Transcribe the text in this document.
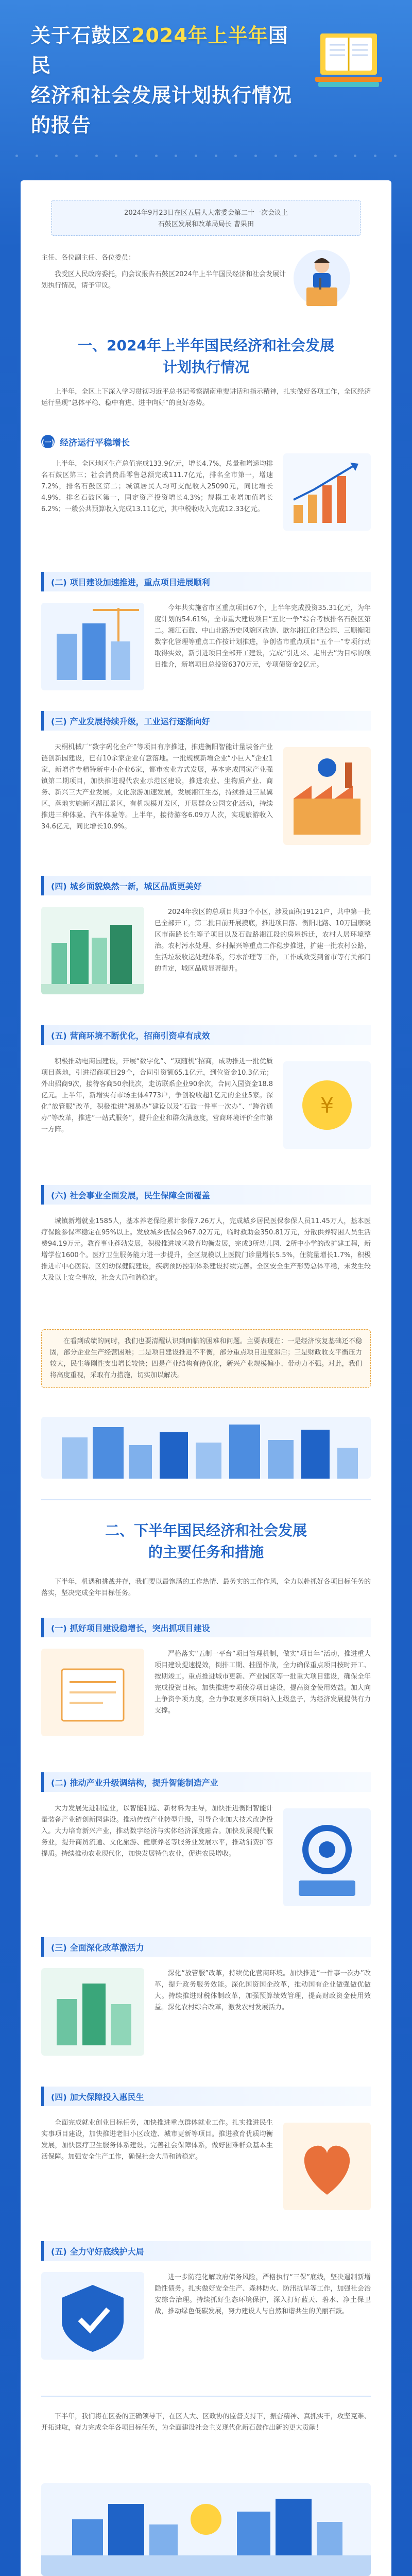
关于石鼓区2024年上半年国民
经济和社会发展计划执行情况的报告
2024年9月23日在区五届人大常委会第二十一次会议上
石鼓区发展和改革局局长 曹果田

主任、各位副主任、各位委员：

我受区人民政府委托，向会议报告石鼓区2024年上半年国民经济和社会发展计划执行情况，请予审议。

一、2024年上半年国民经济和社会发展
计划执行情况
上半年，全区上下深入学习贯彻习近平总书记考察湖南重要讲话和指示精神，扎实做好各项工作，全区经济运行呈现“总体平稳、稳中有进、进中向好”的良好态势。
(一) 经济运行平稳增长
上半年，全区地区生产总值完成133.9亿元，增长4.7%，总量和增速均排名石鼓区第三；社会消费品零售总额完成111.7亿元，排名全市第一，增速7.2%，排名石鼓区第二；城镇居民人均可支配收入25090元，同比增长4.9%，排名石鼓区第一，固定资产投资增长4.3%；规模工业增加值增长6.2%；一般公共预算收入完成13.11亿元，其中税收收入完成12.33亿元。
(二) 项目建设加速推进，重点项目进展顺利
今年共实施省市区重点项目67个，上半年完成投资35.31亿元，为年度计划的54.61%，全市重大建设项目“五比一争”综合考核排名石鼓区第二。湘江石鼓、中山北路历史风貌区改造、欧尔湘江化肥公园、三顺衡阳数字化管理等重点工作按计划推进，争创省市重点项目“五个一”专项行动取得实效，新引进项目全部开工建设，完成“引进来、走出去”为目标的项目推介，新增项目总投资6370万元，专项债资金2亿元。
(三) 产业发展持续升级，工业运行逐渐向好
天桐机械厂“数字码化全产”等项目有序推进，推进衡阳智能计量装备产业链创新园建设，已有10余家企业有意落地。一批规模新增企业“小巨人”企业1家，新增省专精特新中小企业6家，都市农业方式发展，基本完成国家产业强镇第二期项目，加快推进现代农业示范区建设，推进农业、生物质产业、商务、新兴三大产业发展。文化旅游加速发展，发展湘江生态，持续推进三星翼区，落地实施新区湖江景区，有机规模开发区，开展群众公园文化活动，持续推进三种体验、汽车体验等。上半年，接待游客6.09万人次，实现旅游收入34.6亿元，同比增长10.9%。
(四) 城乡面貌焕然一新，城区品质更美好
2024年我区的总项目共33个小区，涉及面积19121户，共中第一批已全部开工，第二批目前开展摸底，推进项目落、衡阳北路、10万国康晓区市南路长生等子项目以及石鼓路湘江段的房屋拆迁，农村人居环境整治。农村污水处理、乡村振兴等重点工作稳步推进，扩建一批农村公路，生活垃圾收运处理体系，污水治理等工作，工作成效受到省市等有关部门的肯定，城区品质显著提升。
(五) 营商环境不断优化，招商引资卓有成效
积极推动电商园建设，开展“数字化”、“双随机”招商，成功推进一批优质项目落地，引进招商项目29个，合同引资额65.1亿元，到位资金10.3亿元；外出招商9次，接待客商50余批次，走访联系企业90余次，合同入园资金18.8亿元。上半年，新增实有市场主体4773户，争创税收超1亿元的企业5家。深化“放管服”改革，积极推进“湘易办”建设以及“石鼓一件事一次办”、“跨省通办”等改革，推进“一站式服务”，提升企业和群众满意度，营商环境评价全市第一方阵。
¥
(六) 社会事业全面发展，民生保障全面覆盖
城镇新增就业1585人，基本养老保险累计参保7.26万人，完成城乡居民医保参保人员11.45万人，基本医疗保险参保率稳定在95%以上。发放城乡低保金967.02万元，临时救助金350.81万元，分散供养特困人员生活费94.19万元。教育事业蓬勃发展，积极推进城区教育均衡发展，完成3所幼儿园、2所中小学的改扩建工程，新增学位1600个。医疗卫生服务能力进一步提升，全区规模以上医院门诊量增长5.5%，住院量增长1.7%，积极推进市中心医院、区妇幼保健院建设，疾病预防控制体系建设持续完善。全区安全生产形势总体平稳，未发生较大及以上安全事故，社会大局和谐稳定。
在看到成绩的同时，我们也要清醒认识到面临的困难和问题。主要表现在：一是经济恢复基础还不稳固，部分企业生产经营困难；二是项目建设推进不平衡，部分重点项目进度滞后；三是财政收支平衡压力较大，民生等刚性支出增长较快；四是产业结构有待优化，新兴产业规模偏小、带动力不强。对此，我们将高度重视，采取有力措施，切实加以解决。
二、下半年国民经济和社会发展
的主要任务和措施
下半年，机遇和挑战并存，我们要以最饱满的工作热情、最务实的工作作风，全力以赴抓好各项目标任务的落实，坚决完成全年目标任务。
(一) 抓好项目建设稳增长，突出抓项目建设
严格落实“五制一平台”项目管理机制，做实“项目年”活动，推进重大项目建设提速提效，倒排工期、挂图作战，全力确保重点项目按时开工、按期竣工。重点推进城市更新、产业园区等一批重大项目建设，确保全年完成投资目标。加快推进专项债券项目建设，提高资金使用效益。加大向上争资争项力度，全力争取更多项目纳入上级盘子，为经济发展提供有力支撑。
(二) 推动产业升级调结构，提升智能制造产业
大力发展先进制造业，以智能制造、新材料为主导，加快推进衡阳智能计量装备产业链创新园建设。推动传统产业转型升级，引导企业加大技术改造投入。大力培育新兴产业，推动数字经济与实体经济深度融合。加快发展现代服务业，提升商贸流通、文化旅游、健康养老等服务业发展水平，推动消费扩容提质。持续推动农业现代化，加快发展特色农业，促进农民增收。
(三) 全面深化改革激活力
深化“放管服”改革，持续优化营商环境。加快推进“一件事一次办”改革，提升政务服务效能。深化国资国企改革，推动国有企业做强做优做大。持续推进财税体制改革，加强预算绩效管理，提高财政资金使用效益。深化农村综合改革，激发农村发展活力。
(四) 加大保障投入惠民生
全面完成就业创业目标任务，加快推进重点群体就业工作。扎实推进民生实事项目建设，加快推进老旧小区改造、城市更新等项目。推进教育优质均衡发展，加快医疗卫生服务体系建设。完善社会保障体系，做好困难群众基本生活保障。加强安全生产工作，确保社会大局和谐稳定。
(五) 全力守好底线护大局
进一步防范化解政府债务风险，严格执行“三保”底线，坚决遏制新增隐性债务。扎实做好安全生产、森林防火、防汛抗旱等工作，加强社会治安综合治理。持续抓好生态环境保护，深入打好蓝天、碧水、净土保卫战，推动绿色低碳发展，努力建设人与自然和谐共生的美丽石鼓。
下半年，我们将在区委的正确领导下，在区人大、区政协的监督支持下，振奋精神、真抓实干，攻坚克难、开拓进取，奋力完成全年各项目标任务，为全面建设社会主义现代化新石鼓作出新的更大贡献！
